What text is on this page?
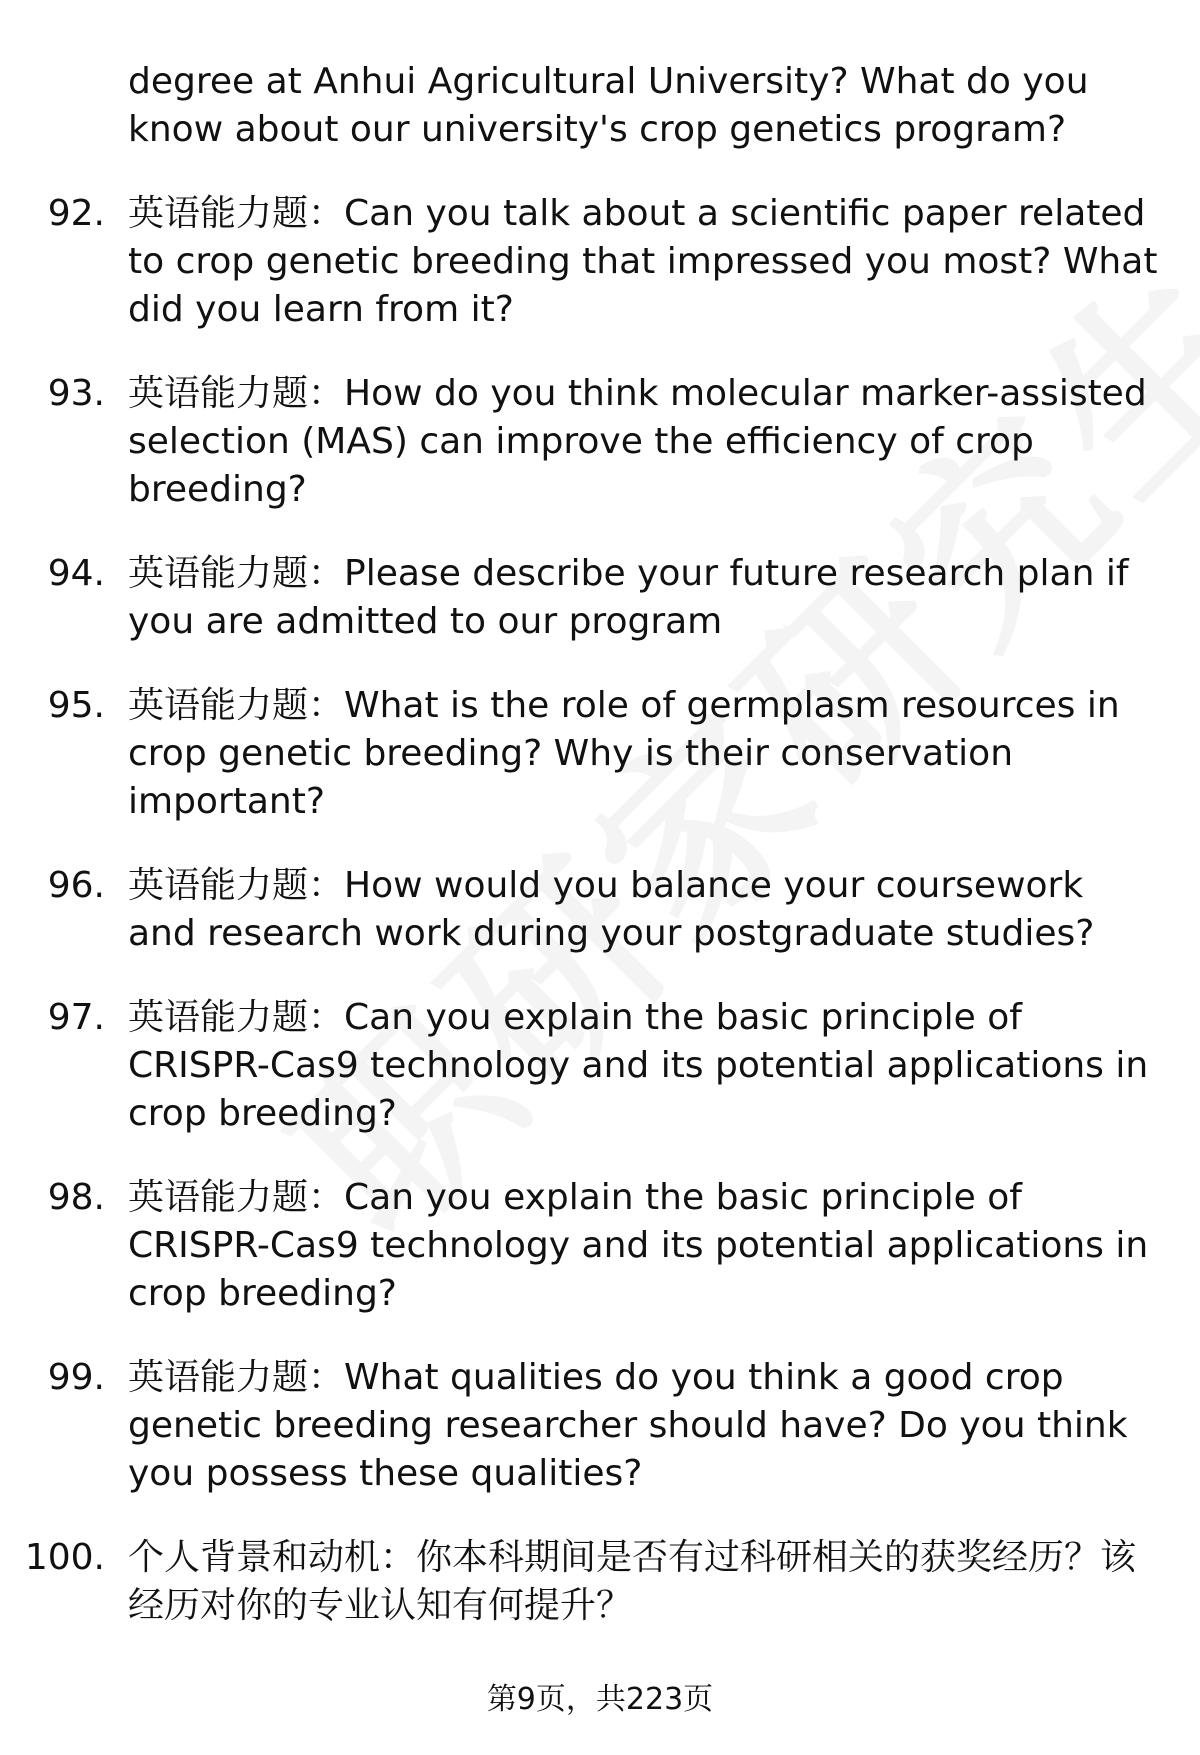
degree at Anhui Agricultural University? What do you know about our university's crop genetics program?
92. 英语能力题：Can you talk about a scientific paper related to crop genetic breeding that impressed you most? What did you learn from it?
93. 英语能力题：How do you think molecular marker-assisted selection (MAS) can improve the efficiency of crop breeding?
94. 英语能力题：Please describe your future research plan if you are admitted to our program
95. 英语能力题：What is the role of germplasm resources in crop genetic breeding? Why is their conservation important?
96. 英语能力题：How would you balance your coursework and research work during your postgraduate studies?
97. 英语能力题：Can you explain the basic principle of CRISPR-Cas9 technology and its potential applications in crop breeding?
98. 英语能力题：Can you explain the basic principle of CRISPR-Cas9 technology and its potential applications in crop breeding?
99. 英语能力题：What qualities do you think a good crop genetic breeding researcher should have? Do you think you possess these qualities?
100. 个人背景和动机：你本科期间是否有过科研相关的获奖经历？该经历对你的专业认知有何提升？
第9页，共223页
